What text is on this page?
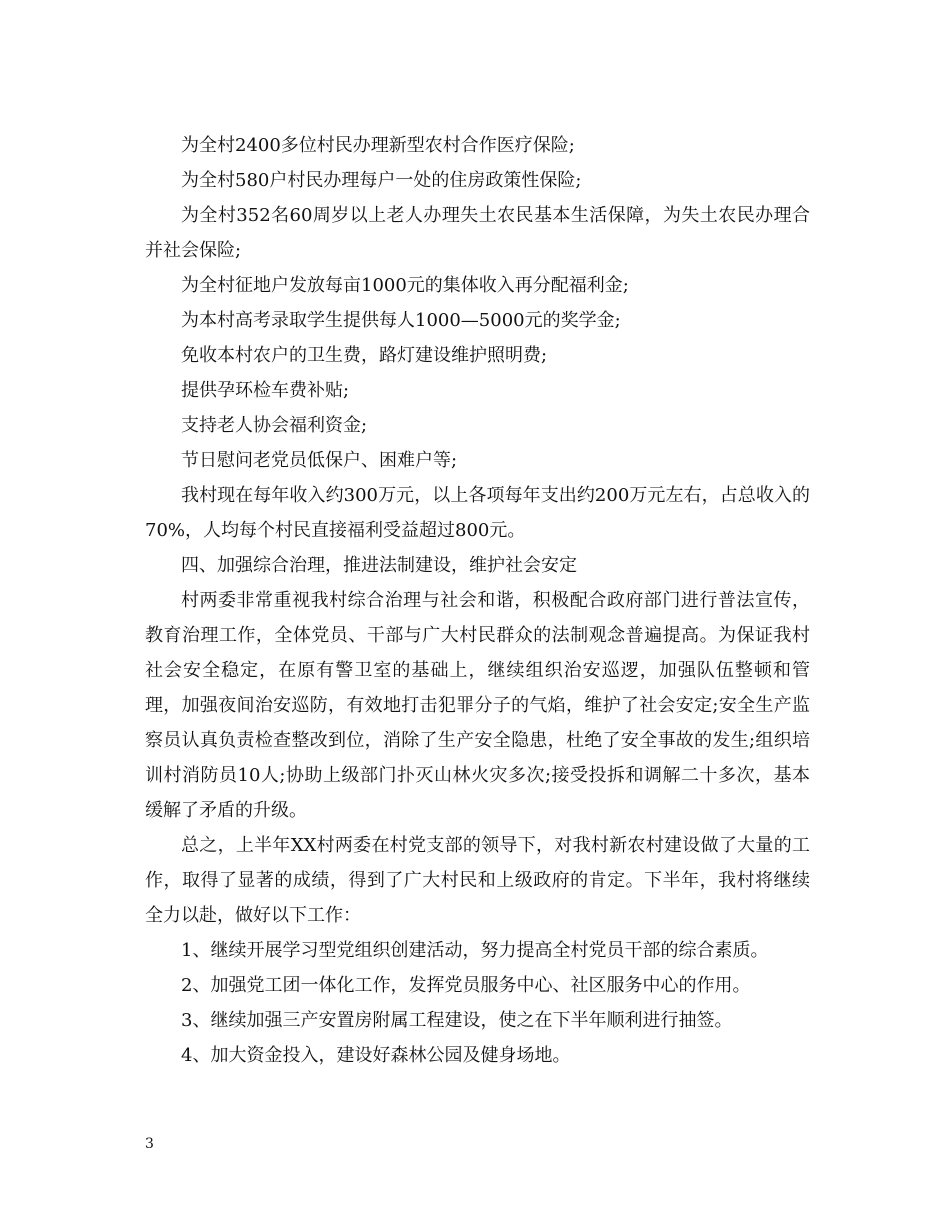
为全村2400多位村民办理新型农村合作医疗保险;

为全村580户村民办理每户一处的住房政策性保险;

为全村352名60周岁以上老人办理失土农民基本生活保障，为失土农民办理合并社会保险;

为全村征地户发放每亩1000元的集体收入再分配福利金;

为本村高考录取学生提供每人1000—5000元的奖学金;

免收本村农户的卫生费，路灯建设维护照明费;

提供孕环检车费补贴;

支持老人协会福利资金;

节日慰问老党员低保户、困难户等;

我村现在每年收入约300万元，以上各项每年支出约200万元左右，占总收入的70%，人均每个村民直接福利受益超过800元。

四、加强综合治理，推进法制建设，维护社会安定

村两委非常重视我村综合治理与社会和谐，积极配合政府部门进行普法宣传，教育治理工作，全体党员、干部与广大村民群众的法制观念普遍提高。为保证我村社会安全稳定，在原有警卫室的基础上，继续组织治安巡逻，加强队伍整顿和管理，加强夜间治安巡防，有效地打击犯罪分子的气焰，维护了社会安定;安全生产监察员认真负责检查整改到位，消除了生产安全隐患，杜绝了安全事故的发生;组织培训村消防员10人;协助上级部门扑灭山林火灾多次;接受投拆和调解二十多次，基本缓解了矛盾的升级。

总之，上半年XX村两委在村党支部的领导下，对我村新农村建设做了大量的工作，取得了显著的成绩，得到了广大村民和上级政府的肯定。下半年，我村将继续全力以赴，做好以下工作：

1、继续开展学习型党组织创建活动，努力提高全村党员干部的综合素质。

2、加强党工团一体化工作，发挥党员服务中心、社区服务中心的作用。

3、继续加强三产安置房附属工程建设，使之在下半年顺利进行抽签。

4、加大资金投入，建设好森林公园及健身场地。

3
